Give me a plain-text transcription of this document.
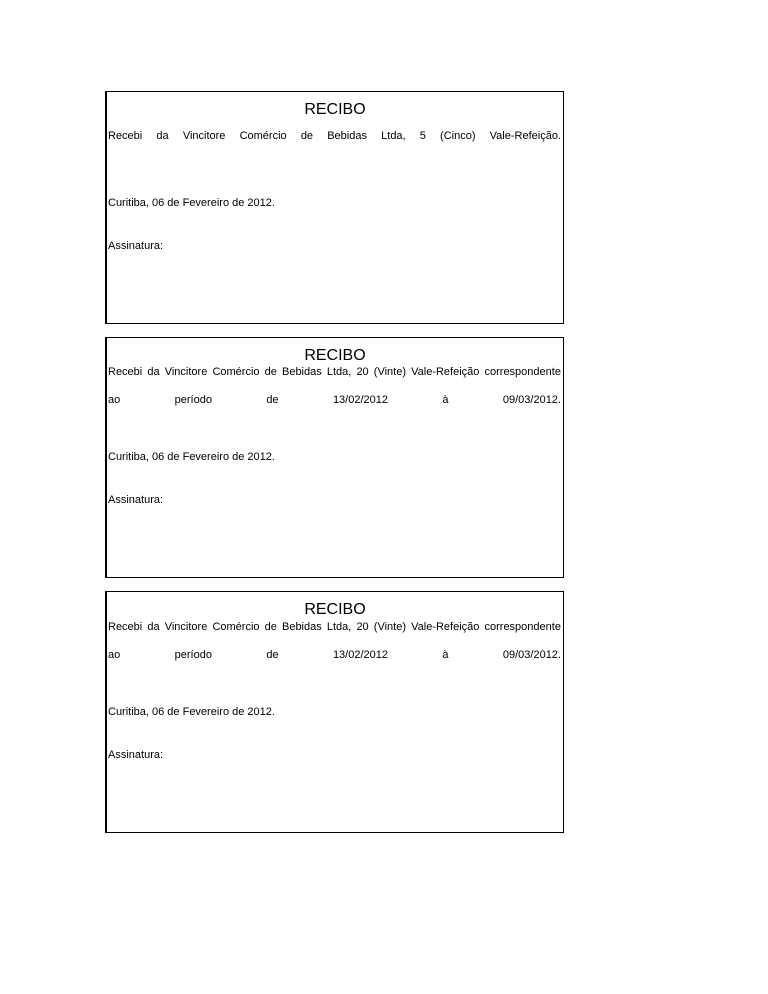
RECIBO
Recebi da Vincitore Comércio de Bebidas Ltda, 5 (Cinco) Vale-Refeição.
Curitiba, 06 de Fevereiro de 2012.
Assinatura:
RECIBO
Recebi da Vincitore Comércio de Bebidas Ltda, 20 (Vinte) Vale-Refeição correspondente
ao	período	de	13/02/2012	à	09/03/2012.
Curitiba, 06 de Fevereiro de 2012.
Assinatura:
RECIBO
Recebi da Vincitore Comércio de Bebidas Ltda, 20 (Vinte) Vale-Refeição correspondente
ao	período	de	13/02/2012	à	09/03/2012.
Curitiba, 06 de Fevereiro de 2012.
Assinatura:
